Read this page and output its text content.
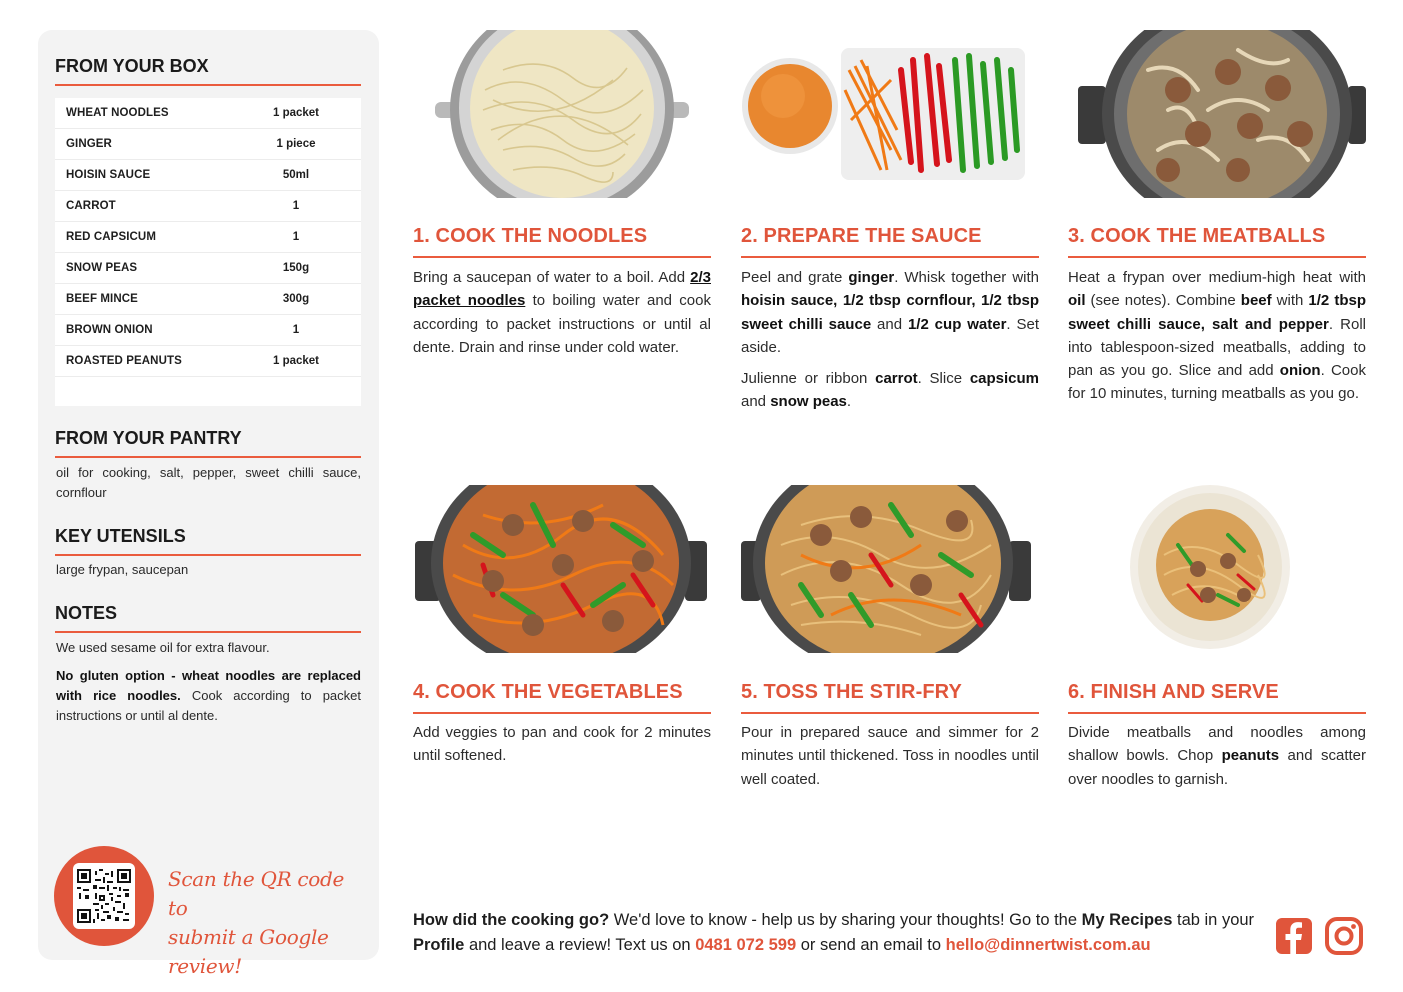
FROM YOUR BOX
WHEAT NOODLES	1 packet
GINGER	1 piece
HOISIN SAUCE	50ml
CARROT	1
RED CAPSICUM	1
SNOW PEAS	150g
BEEF MINCE	300g
BROWN ONION	1
ROASTED PEANUTS	1 packet
FROM YOUR PANTRY
oil for cooking, salt, pepper, sweet chilli sauce, cornflour
KEY UTENSILS
large frypan, saucepan
NOTES
We used sesame oil for extra flavour.
No gluten option - wheat noodles are replaced with rice noodles. Cook according to packet instructions or until al dente.
Scan the QR code to
submit a Google review!
1. COOK THE NOODLES	2. PREPARE THE SAUCE	3. COOK THE MEATBALLS
4. COOK THE VEGETABLES	5. TOSS THE STIR-FRY	6. FINISH AND SERVE

Bring a saucepan of water to a boil. Add 2/3 packet noodles to boiling water and cook according to packet instructions or until al dente. Drain and rinse under cold water.

Peel and grate ginger. Whisk together with hoisin sauce, 1/2 tbsp cornflour, 1/2 tbsp sweet chilli sauce and 1/2 cup water. Set aside.

Julienne or ribbon carrot. Slice capsicum and snow peas.

Heat a frypan over medium-high heat with oil (see notes). Combine beef with 1/2 tbsp sweet chilli sauce, salt and pepper. Roll into tablespoon-sized meatballs, adding to pan as you go. Slice and add onion. Cook for 10 minutes, turning meatballs as you go.

Add veggies to pan and cook for 2 minutes until softened.

Pour in prepared sauce and simmer for 2 minutes until thickened. Toss in noodles until well coated.

Divide meatballs and noodles among shallow bowls. Chop peanuts and scatter over noodles to garnish.

How did the cooking go? We'd love to know - help us by sharing your thoughts! Go to the My Recipes tab in your Profile and leave a review! Text us on 0481 072 599 or send an email to hello@dinnertwist.com.au
